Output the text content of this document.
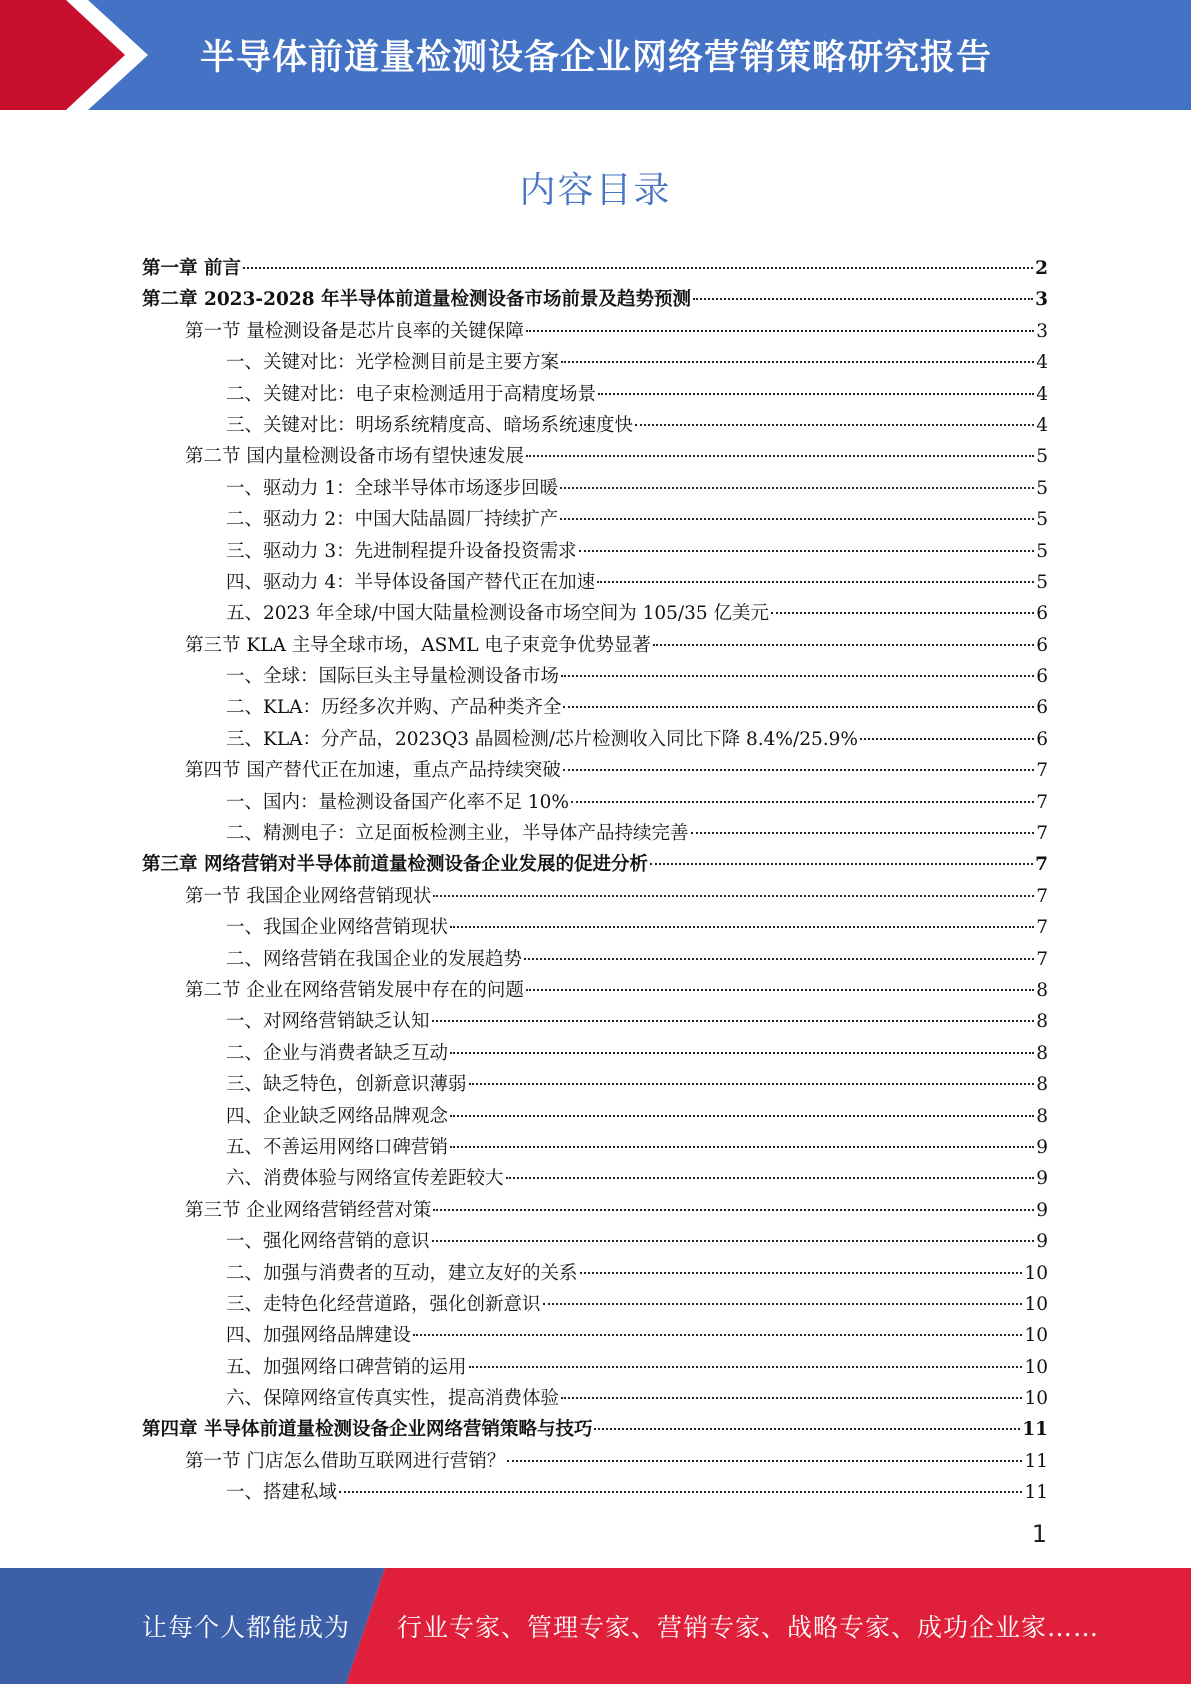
半导体前道量检测设备企业网络营销策略研究报告
内容目录
第一章 前言	2
第二章 2023-2028 年半导体前道量检测设备市场前景及趋势预测	3
第一节 量检测设备是芯片良率的关键保障	3
一、关键对比：光学检测目前是主要方案	4
二、关键对比：电子束检测适用于高精度场景	4
三、关键对比：明场系统精度高、暗场系统速度快	4
第二节 国内量检测设备市场有望快速发展	5
一、驱动力 1：全球半导体市场逐步回暖	5
二、驱动力 2：中国大陆晶圆厂持续扩产	5
三、驱动力 3：先进制程提升设备投资需求	5
四、驱动力 4：半导体设备国产替代正在加速	5
五、2023 年全球/中国大陆量检测设备市场空间为 105/35 亿美元	6
第三节 KLA 主导全球市场，ASML 电子束竞争优势显著	6
一、全球：国际巨头主导量检测设备市场	6
二、KLA：历经多次并购、产品种类齐全	6
三、KLA：分产品，2023Q3 晶圆检测/芯片检测收入同比下降 8.4%/25.9%	6
第四节 国产替代正在加速，重点产品持续突破	7
一、国内：量检测设备国产化率不足 10%	7
二、精测电子：立足面板检测主业，半导体产品持续完善	7
第三章 网络营销对半导体前道量检测设备企业发展的促进分析	7
第一节 我国企业网络营销现状	7
一、我国企业网络营销现状	7
二、网络营销在我国企业的发展趋势	7
第二节 企业在网络营销发展中存在的问题	8
一、对网络营销缺乏认知	8
二、企业与消费者缺乏互动	8
三、缺乏特色，创新意识薄弱	8
四、企业缺乏网络品牌观念	8
五、不善运用网络口碑营销	9
六、消费体验与网络宣传差距较大	9
第三节 企业网络营销经营对策	9
一、强化网络营销的意识	9
二、加强与消费者的互动，建立友好的关系	10
三、走特色化经营道路，强化创新意识	10
四、加强网络品牌建设	10
五、加强网络口碑营销的运用	10
六、保障网络宣传真实性，提高消费体验	10
第四章 半导体前道量检测设备企业网络营销策略与技巧	11
第一节 门店怎么借助互联网进行营销？	11
一、搭建私域	11
1
让每个人都能成为 行业专家、管理专家、营销专家、战略专家、成功企业家……
